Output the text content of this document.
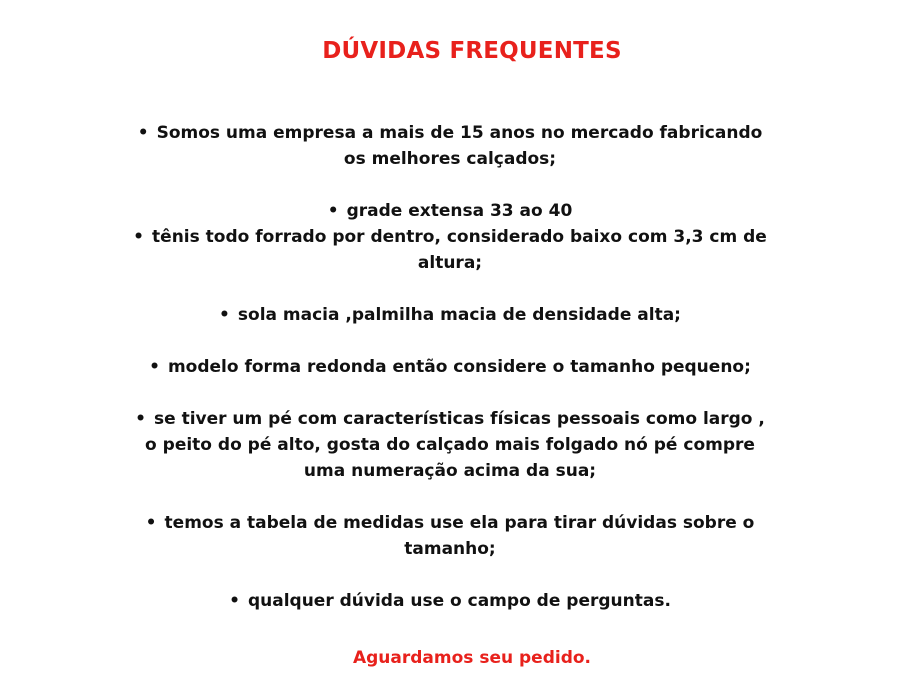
DÚVIDAS FREQUENTES
• Somos uma empresa a mais de 15 anos no mercado fabricando os melhores calçados;
• grade extensa 33 ao 40
• tênis todo forrado por dentro, considerado baixo com 3,3 cm de altura;
• sola macia ,palmilha macia de densidade alta;
• modelo forma redonda então considere o tamanho pequeno;
• se tiver um pé com características físicas pessoais como largo , o peito do pé alto, gosta do calçado mais folgado nó pé compre uma numeração acima da sua;
• temos a tabela de medidas use ela para tirar dúvidas sobre o tamanho;
• qualquer dúvida use o campo de perguntas.
Aguardamos seu pedido.
